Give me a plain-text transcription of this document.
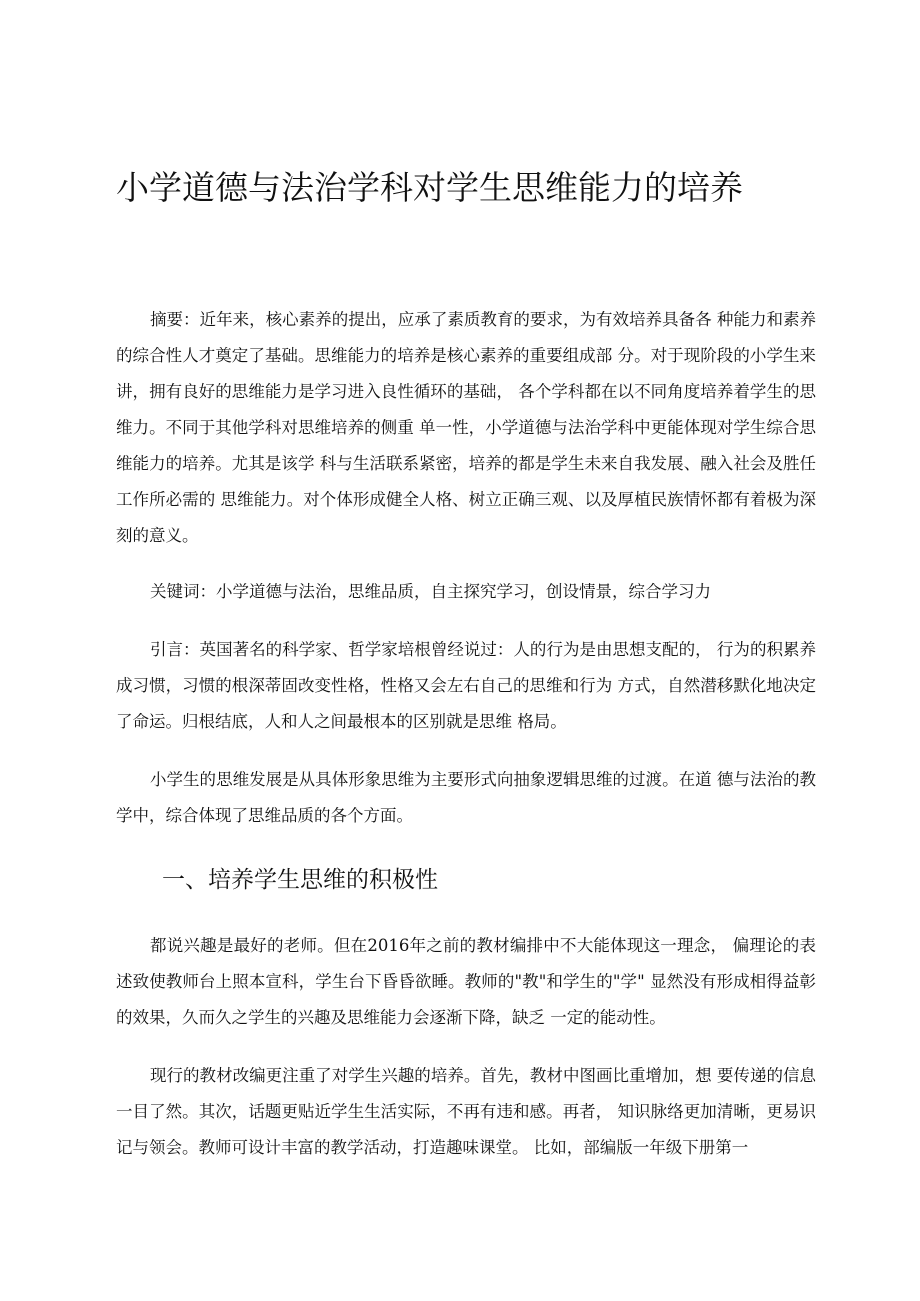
小学道德与法治学科对学生思维能力的培养

摘要：近年来，核心素养的提出，应承了素质教育的要求，为有效培养具备各 种能力和素养的综合性人才奠定了基础。思维能力的培养是核心素养的重要组成部 分。对于现阶段的小学生来讲，拥有良好的思维能力是学习进入良性循环的基础， 各个学科都在以不同角度培养着学生的思维力。不同于其他学科对思维培养的侧重 单一性，小学道德与法治学科中更能体现对学生综合思维能力的培养。尤其是该学 科与生活联系紧密，培养的都是学生未来自我发展、融入社会及胜任工作所必需的 思维能力。对个体形成健全人格、树立正确三观、以及厚植民族情怀都有着极为深 刻的意义。

关键词：小学道德与法治，思维品质，自主探究学习，创设情景，综合学习力

引言：英国著名的科学家、哲学家培根曾经说过：人的行为是由思想支配的， 行为的积累养成习惯，习惯的根深蒂固改变性格，性格又会左右自己的思维和行为 方式，自然潜移默化地决定了命运。归根结底，人和人之间最根本的区别就是思维 格局。

小学生的思维发展是从具体形象思维为主要形式向抽象逻辑思维的过渡。在道 德与法治的教学中，综合体现了思维品质的各个方面。

一、培养学生思维的积极性

都说兴趣是最好的老师。但在2016年之前的教材编排中不大能体现这一理念， 偏理论的表述致使教师台上照本宣科，学生台下昏昏欲睡。教师的"教"和学生的"学" 显然没有形成相得益彰的效果，久而久之学生的兴趣及思维能力会逐渐下降，缺乏 一定的能动性。

现行的教材改编更注重了对学生兴趣的培养。首先，教材中图画比重增加，想 要传递的信息一目了然。其次，话题更贴近学生生活实际，不再有违和感。再者， 知识脉络更加清晰，更易识记与领会。教师可设计丰富的教学活动，打造趣味课堂。 比如，部编版一年级下册第一
